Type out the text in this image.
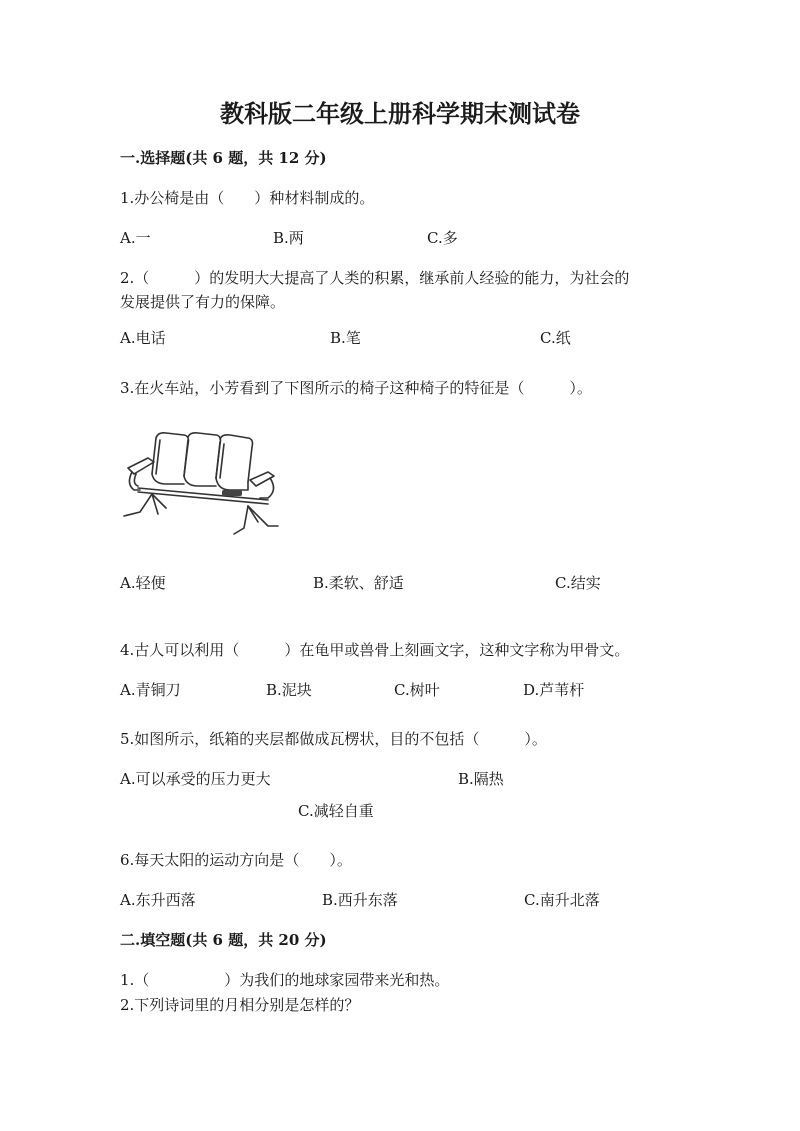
教科版二年级上册科学期末测试卷
一.选择题(共 6 题，共 12 分)
1.办公椅是由（　　）种材料制成的。
A.一	B.两	C.多
2.（　　　）的发明大大提高了人类的积累，继承前人经验的能力，为社会的
发展提供了有力的保障。
A.电话	B.笔	C.纸
3.在火车站，小芳看到了下图所示的椅子这种椅子的特征是（　　　）。
A.轻便	B.柔软、舒适	C.结实
4.古人可以利用（　　　）在龟甲或兽骨上刻画文字，这种文字称为甲骨文。
A.青铜刀	B.泥块	C.树叶	D.芦苇杆
5.如图所示，纸箱的夹层都做成瓦楞状，目的不包括（　　　）。
A.可以承受的压力更大	B.隔热
C.减轻自重
6.每天太阳的运动方向是（　　）。
A.东升西落	B.西升东落	C.南升北落
二.填空题(共 6 题，共 20 分)
1.（　　　　　）为我们的地球家园带来光和热。
2.下列诗词里的月相分别是怎样的？
